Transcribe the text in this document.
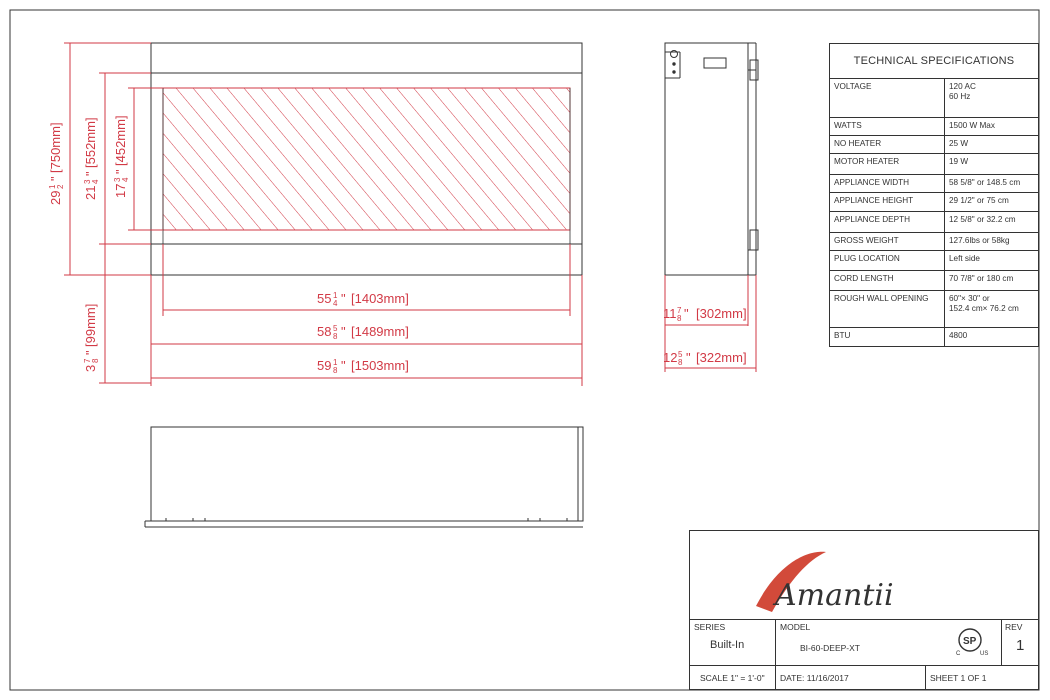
29
1 2
"
[750mm]
21
3 4
"
[552mm]
17
3 4
"
[452mm]
3
7 8
"
[99mm]
55 1
4 " [1403mm]
58 5
8 " [1489mm]
59 1
8 " [1503mm]
11 7
8 " [302mm]
12 5
8 " [322mm]
Amantii
SP
C	US
TECHNICAL SPECIFICATIONS
VOLTAGE	120 AC
60 Hz
WATTS	1500 W Max
NO HEATER	25 W
MOTOR HEATER	19 W
APPLIANCE WIDTH	58 5/8" or 148.5 cm
APPLIANCE HEIGHT	29 1/2" or 75 cm
APPLIANCE DEPTH	12 5/8" or 32.2 cm
GROSS WEIGHT	127.6lbs or 58kg
PLUG LOCATION	Left side
CORD LENGTH	70 7/8" or 180 cm
ROUGH WALL OPENING	60"× 30" or
152.4 cm× 76.2 cm
BTU	4800
SERIES
Built-In
MODEL
BI-60-DEEP-XT
REV
1
SCALE 1" = 1'-0" DATE: 11/16/2017	SHEET 1 OF 1
